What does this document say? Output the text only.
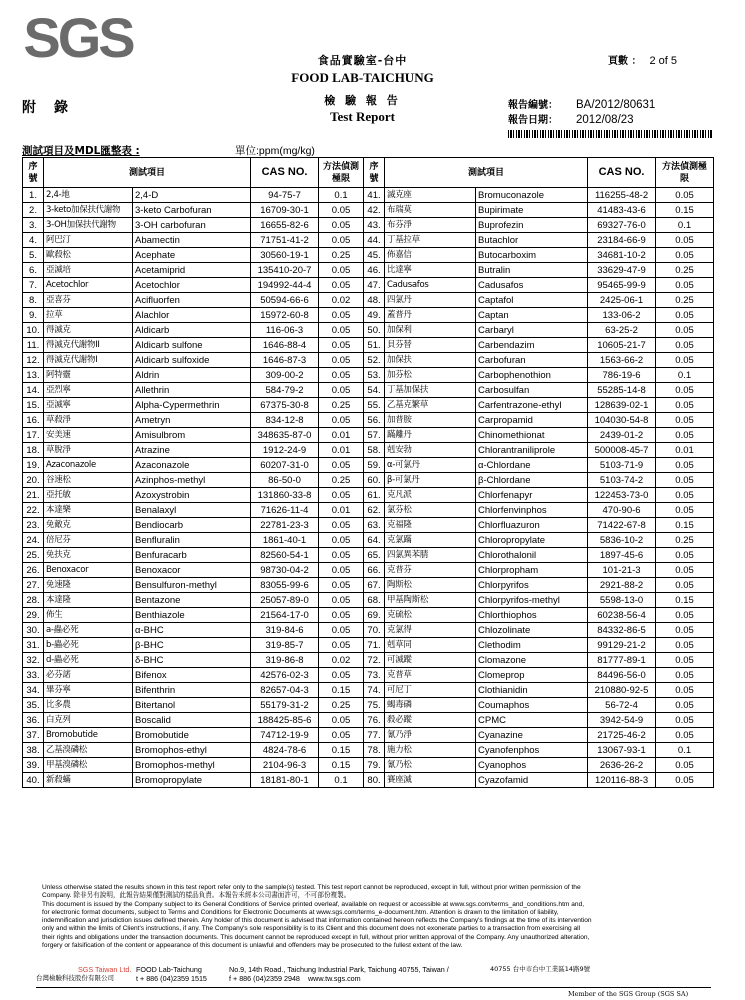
SGS	食品實驗室-台中
FOOD LAB-TAICHUNG
檢 驗 報 告
Test Report
頁數 ： 2 of 5
附錄	報告編號： BA/2012/80631
報告日期： 2012/08/23
測試項目及MDL匯整表 :	單位:ppm(mg/kg)
序號	測試項目		CAS NO.	方法偵測極限	序號	測試項目		CAS NO.	方法偵測極限
1.	2,4-地	2,4-D	94-75-7	0.1	41.	滅克座	Bromuconazole	116255-48-2	0.05
2.	3-keto加保扶代謝物	3-keto Carbofuran	16709-30-1	0.05	42.	布瑞莫	Bupirimate	41483-43-6	0.15
3.	3-OH加保扶代謝物	3-OH carbofuran	16655-82-6	0.05	43.	布芬淨	Buprofezin	69327-76-0	0.1
4.	阿巴汀	Abamectin	71751-41-2	0.05	44.	丁基拉草	Butachlor	23184-66-9	0.05
5.	歐殺松	Acephate	30560-19-1	0.25	45.	佈嘉信	Butocarboxim	34681-10-2	0.05
6.	亞滅培	Acetamiprid	135410-20-7	0.05	46.	比達寧	Butralin	33629-47-9	0.25
7.	Acetochlor	Acetochlor	194992-44-4	0.05	47.	Cadusafos	Cadusafos	95465-99-9	0.05
8.	亞喜芬	Acifluorfen	50594-66-6	0.02	48.	四氯丹	Captafol	2425-06-1	0.25
9.	拉草	Alachlor	15972-60-8	0.05	49.	蓋普丹	Captan	133-06-2	0.05
10.	得滅克	Aldicarb	116-06-3	0.05	50.	加保利	Carbaryl	63-25-2	0.05
11.	得滅克代謝物II	Aldicarb sulfone	1646-88-4	0.05	51.	貝芬替	Carbendazim	10605-21-7	0.05
12.	得滅克代謝物I	Aldicarb sulfoxide	1646-87-3	0.05	52.	加保扶	Carbofuran	1563-66-2	0.05
13.	阿特靈	Aldrin	309-00-2	0.05	53.	加芬松	Carbophenothion	786-19-6	0.1
14.	亞烈寧	Allethrin	584-79-2	0.05	54.	丁基加保扶	Carbosulfan	55285-14-8	0.05
15.	亞滅寧	Alpha-Cypermethrin	67375-30-8	0.25	55.	乙基克繁草	Carfentrazone-ethyl	128639-02-1	0.05
16.	草殺淨	Ametryn	834-12-8	0.05	56.	加普胺	Carpropamid	104030-54-8	0.05
17.	安美速	Amisulbrom	348635-87-0	0.01	57.	蹣離丹	Chinomethionat	2439-01-2	0.05
18.	草脫淨	Atrazine	1912-24-9	0.01	58.	剋安勃	Chlorantraniliprole	500008-45-7	0.01
19.	Azaconazole	Azaconazole	60207-31-0	0.05	59.	α-可氯丹	α-Chlordane	5103-71-9	0.05
20.	谷速松	Azinphos-methyl	86-50-0	0.25	60.	β-可氯丹	β-Chlordane	5103-74-2	0.05
21.	亞托敏	Azoxystrobin	131860-33-8	0.05	61.	克凡派	Chlorfenapyr	122453-73-0	0.05
22.	本達樂	Benalaxyl	71626-11-4	0.01	62.	氯芬松	Chlorfenvinphos	470-90-6	0.05
23.	免敵克	Bendiocarb	22781-23-3	0.05	63.	克福隆	Chlorfluazuron	71422-67-8	0.15
24.	倍尼芬	Benfluralin	1861-40-1	0.05	64.	克氯蹣	Chloropropylate	5836-10-2	0.25
25.	免扶克	Benfuracarb	82560-54-1	0.05	65.	四氯異苯腈	Chlorothalonil	1897-45-6	0.05
26.	Benoxacor	Benoxacor	98730-04-2	0.05	66.	克普芬	Chlorpropham	101-21-3	0.05
27.	免速隆	Bensulfuron-methyl	83055-99-6	0.05	67.	陶斯松	Chlorpyrifos	2921-88-2	0.05
28.	本達隆	Bentazone	25057-89-0	0.05	68.	甲基陶斯松	Chlorpyrifos-methyl	5598-13-0	0.15
29.	佈生	Benthiazole	21564-17-0	0.05	69.	克硫松	Chlorthiophos	60238-56-4	0.05
30.	a-蟲必死	α-BHC	319-84-6	0.05	70.	克氯得	Chlozolinate	84332-86-5	0.05
31.	b-蟲必死	β-BHC	319-85-7	0.05	71.	剋草同	Clethodim	99129-21-2	0.05
32.	d-蟲必死	δ-BHC	319-86-8	0.02	72.	可滅蹤	Clomazone	81777-89-1	0.05
33.	必芬諾	Bifenox	42576-02-3	0.05	73.	克普草	Clomeprop	84496-56-0	0.05
34.	畢芬寧	Bifenthrin	82657-04-3	0.15	74.	可尼丁	Clothianidin	210880-92-5	0.05
35.	比多農	Bitertanol	55179-31-2	0.25	75.	蝎毒磷	Coumaphos	56-72-4	0.05
36.	白克列	Boscalid	188425-85-6	0.05	76.	殺必蹤	CPMC	3942-54-9	0.05
37.	Bromobutide	Bromobutide	74712-19-9	0.05	77.	氰乃淨	Cyanazine	21725-46-2	0.05
38.	乙基溴磷松	Bromophos-ethyl	4824-78-6	0.15	78.	施力松	Cyanofenphos	13067-93-1	0.1
39.	甲基溴磷松	Bromophos-methyl	2104-96-3	0.15	79.	氰乃松	Cyanophos	2636-26-2	0.05
40.	新殺蟎	Bromopropylate	18181-80-1	0.1	80.	賽座滅	Cyazofamid	120116-88-3	0.05
Unless otherwise stated the results shown in this test report refer only to the sample(s) tested. This test report cannot be reproduced, except in full, without prior written permission of the
Company. 除非另有說明，此報告結果僅對測試的樣品負責。本報告未經本公司書面許可，不可部份複製。
This document is issued by the Company subject to its General Conditions of Service printed overleaf, available on request or accessible at www.sgs.com/terms_and_conditions.htm and,
for electronic format documents, subject to Terms and Conditions for Electronic Documents at www.sgs.com/terms_e-document.htm. Attention is drawn to the limitation of liability,
indemnification and jurisdiction issues defined therein. Any holder of this document is advised that information contained hereon reflects the Company's findings at the time of its intervention
only and within the limits of Client's instructions, if any. The Company's sole responsibility is to its Client and this document does not exonerate parties to a transaction from exercising all
their rights and obligations under the transaction documents. This document cannot be reproduced except in full, without prior written approval of the Company. Any unauthorized alteration,
forgery or falsification of the content or appearance of this document is unlawful and offenders may be prosecuted to the fullest extent of the law.
SGS Taiwan Ltd.
台灣檢驗科技股份有限公司
FOOD Lab-Taichung
t + 886 (04)2359 1515
No.9, 14th Road., Taichung Industrial Park, Taichung 40755, Taiwan /
f + 886 (04)2359 2948 www.tw.sgs.com
40755 台中市台中工業區14路9號
Member of the SGS Group (SGS SA)
